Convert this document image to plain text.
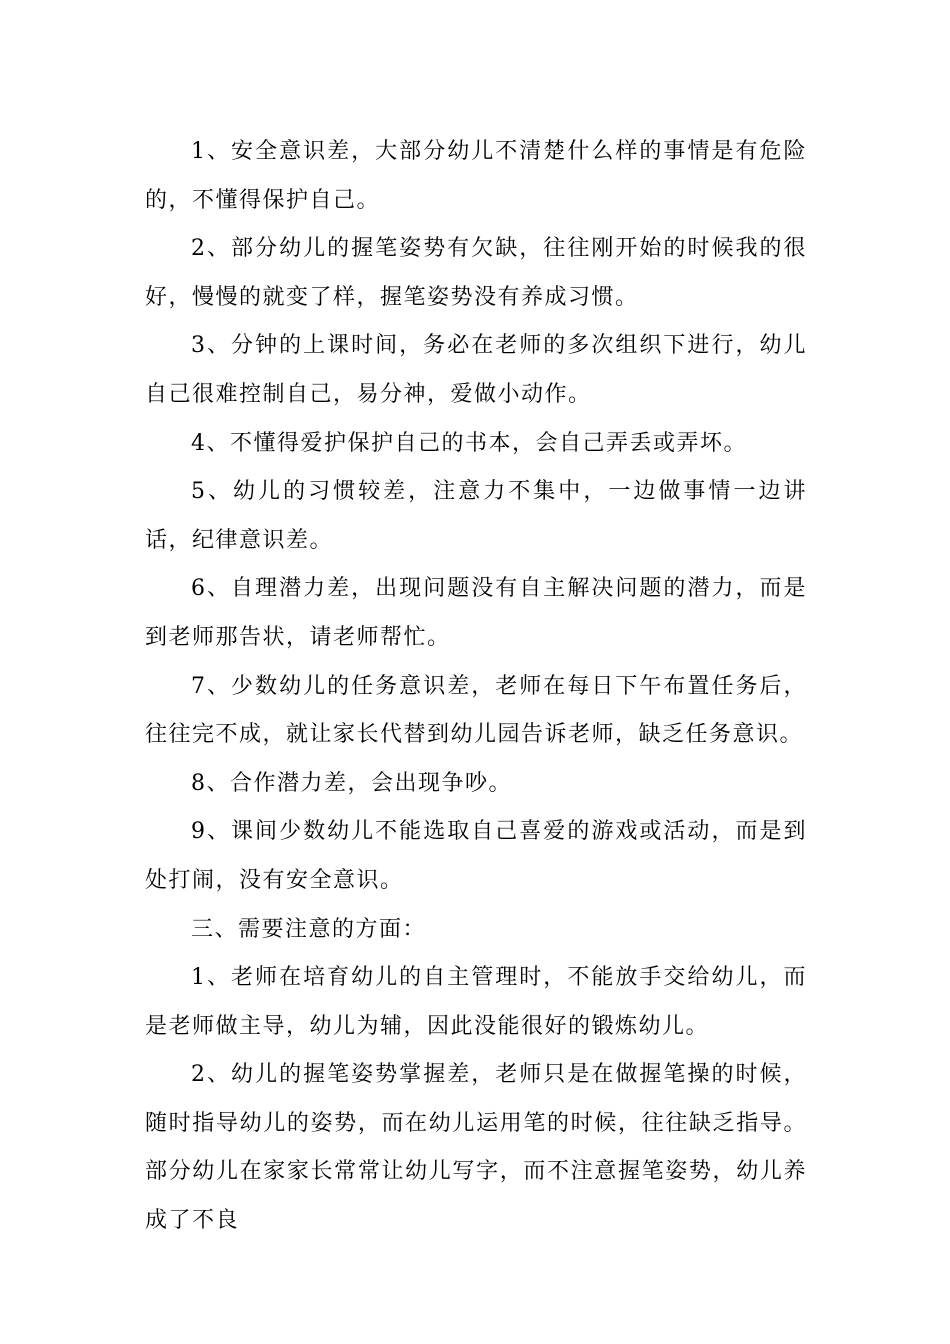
1、安全意识差，大部分幼儿不清楚什么样的事情是有危险的，不懂得保护自己。

2、部分幼儿的握笔姿势有欠缺，往往刚开始的时候我的很好，慢慢的就变了样，握笔姿势没有养成习惯。

3、分钟的上课时间，务必在老师的多次组织下进行，幼儿自己很难控制自己，易分神，爱做小动作。

4、不懂得爱护保护自己的书本，会自己弄丢或弄坏。

5、幼儿的习惯较差，注意力不集中，一边做事情一边讲话，纪律意识差。

6、自理潜力差，出现问题没有自主解决问题的潜力，而是到老师那告状，请老师帮忙。

7、少数幼儿的任务意识差，老师在每日下午布置任务后，往往完不成，就让家长代替到幼儿园告诉老师，缺乏任务意识。

8、合作潜力差，会出现争吵。

9、课间少数幼儿不能选取自己喜爱的游戏或活动，而是到处打闹，没有安全意识。

三、需要注意的方面：

1、老师在培育幼儿的自主管理时，不能放手交给幼儿，而是老师做主导，幼儿为辅，因此没能很好的锻炼幼儿。

2、幼儿的握笔姿势掌握差，老师只是在做握笔操的时候，随时指导幼儿的姿势，而在幼儿运用笔的时候，往往缺乏指导。部分幼儿在家家长常常让幼儿写字，而不注意握笔姿势，幼儿养成了不良
